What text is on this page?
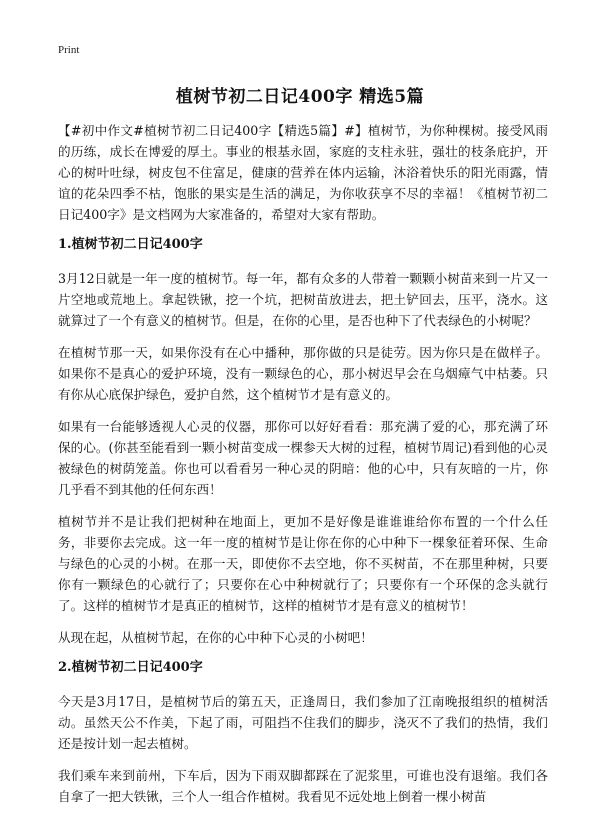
Print
植树节初二日记400字 精选5篇

【#初中作文#植树节初二日记400字【精选5篇】#】植树节，为你种棵树。接受风雨的历练，成长在博爱的厚土。事业的根基永固，家庭的支柱永驻，强壮的枝条庇护，开心的树叶吐绿，树皮包不住富足，健康的营养在体内运输，沐浴着快乐的阳光雨露，情谊的花朵四季不枯，饱胀的果实是生活的满足，为你收获享不尽的幸福！《植树节初二日记400字》是文档网为大家准备的，希望对大家有帮助。

1.植树节初二日记400字

3月12日就是一年一度的植树节。每一年，都有众多的人带着一颗颗小树苗来到一片又一片空地或荒地上。拿起铁锹，挖一个坑，把树苗放进去，把土铲回去，压平，浇水。这就算过了一个有意义的植树节。但是，在你的心里，是否也种下了代表绿色的小树呢？

在植树节那一天，如果你没有在心中播种，那你做的只是徒劳。因为你只是在做样子。如果你不是真心的爱护环境，没有一颗绿色的心，那小树迟早会在乌烟瘴气中枯萎。只有你从心底保护绿色，爱护自然，这个植树节才是有意义的。

如果有一台能够透视人心灵的仪器，那你可以好好看看：那充满了爱的心，那充满了环保的心。(你甚至能看到一颗小树苗变成一棵参天大树的过程，植树节周记)看到他的心灵被绿色的树荫笼盖。你也可以看看另一种心灵的阴暗：他的心中，只有灰暗的一片，你几乎看不到其他的任何东西！

植树节并不是让我们把树种在地面上，更加不是好像是谁谁谁给你布置的一个什么任务，非要你去完成。这一年一度的植树节是让你在你的心中种下一棵象征着环保、生命与绿色的心灵的小树。在那一天，即使你不去空地，你不买树苗，不在那里种树，只要你有一颗绿色的心就行了；只要你在心中种树就行了；只要你有一个环保的念头就行了。这样的植树节才是真正的植树节，这样的植树节才是有意义的植树节！

从现在起，从植树节起，在你的心中种下心灵的小树吧！

2.植树节初二日记400字

今天是3月17日，是植树节后的第五天，正逢周日，我们参加了江南晚报组织的植树活动。虽然天公不作美，下起了雨，可阻挡不住我们的脚步，浇灭不了我们的热情，我们还是按计划一起去植树。

我们乘车来到前州，下车后，因为下雨双脚都踩在了泥浆里，可谁也没有退缩。我们各自拿了一把大铁锹，三个人一组合作植树。我看见不远处地上倒着一棵小树苗
